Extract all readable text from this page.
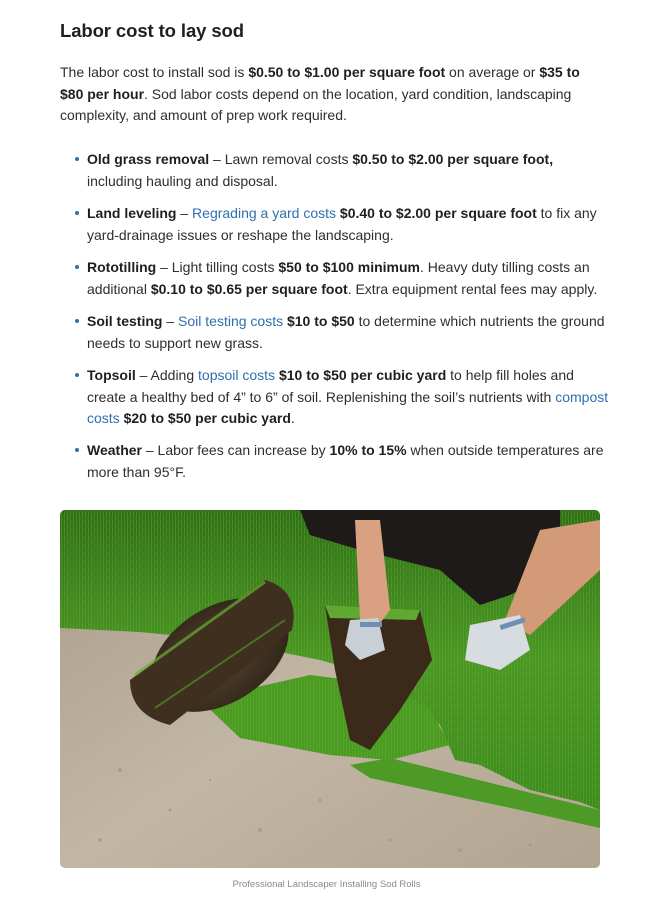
Labor cost to lay sod

The labor cost to install sod is $0.50 to $1.00 per square foot on average or $35 to $80 per hour. Sod labor costs depend on the location, yard condition, landscaping complexity, and amount of prep work required.

Old grass removal – Lawn removal costs $0.50 to $2.00 per square foot, including hauling and disposal.
Land leveling – Regrading a yard costs $0.40 to $2.00 per square foot to fix any yard-drainage issues or reshape the landscaping.
Rototilling – Light tilling costs $50 to $100 minimum. Heavy duty tilling costs an additional $0.10 to $0.65 per square foot. Extra equipment rental fees may apply.
Soil testing – Soil testing costs $10 to $50 to determine which nutrients the ground needs to support new grass.
Topsoil – Adding topsoil costs $10 to $50 per cubic yard to help fill holes and create a healthy bed of 4” to 6” of soil. Replenishing the soil’s nutrients with compost costs $20 to $50 per cubic yard.
Weather – Labor fees can increase by 10% to 15% when outside temperatures are more than 95°F.
Professional Landscaper Installing Sod Rolls
